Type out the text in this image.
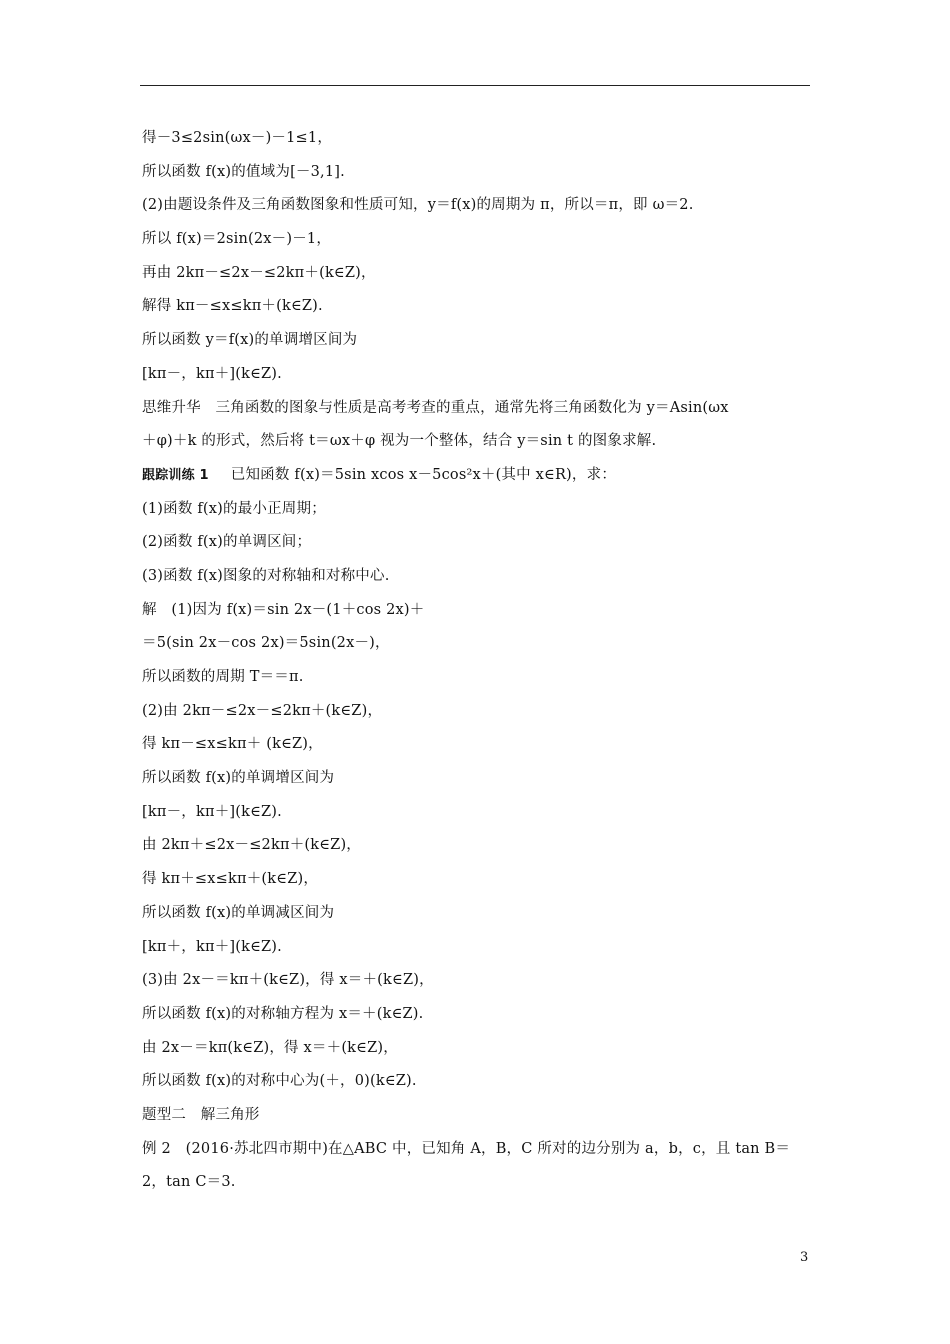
得－3≤2sin(ωx－)－1≤1，
所以函数 f(x)的值域为[－3,1].
(2)由题设条件及三角函数图象和性质可知，y＝f(x)的周期为 π，所以＝π，即 ω＝2.
所以 f(x)＝2sin(2x－)－1，
再由 2kπ－≤2x－≤2kπ＋(k∈Z)，
解得 kπ－≤x≤kπ＋(k∈Z).
所以函数 y＝f(x)的单调增区间为
[kπ－，kπ＋](k∈Z).
思维升华　三角函数的图象与性质是高考考查的重点，通常先将三角函数化为 y＝Asin(ωx
＋φ)＋k 的形式，然后将 t＝ωx＋φ 视为一个整体，结合 y＝sin t 的图象求解.
跟踪训练 1 已知函数 f(x)＝5sin xcos x－5cos²x＋(其中 x∈R)，求：
(1)函数 f(x)的最小正周期；
(2)函数 f(x)的单调区间；
(3)函数 f(x)图象的对称轴和对称中心.
解　(1)因为 f(x)＝sin 2x－(1＋cos 2x)＋
＝5(sin 2x－cos 2x)＝5sin(2x－)，
所以函数的周期 T＝＝π.
(2)由 2kπ－≤2x－≤2kπ＋(k∈Z)，
得 kπ－≤x≤kπ＋ (k∈Z)，
所以函数 f(x)的单调增区间为
[kπ－，kπ＋](k∈Z).
由 2kπ＋≤2x－≤2kπ＋(k∈Z)，
得 kπ＋≤x≤kπ＋(k∈Z)，
所以函数 f(x)的单调减区间为
[kπ＋，kπ＋](k∈Z).
(3)由 2x－＝kπ＋(k∈Z)，得 x＝＋(k∈Z)，
所以函数 f(x)的对称轴方程为 x＝＋(k∈Z).
由 2x－＝kπ(k∈Z)，得 x＝＋(k∈Z)，
所以函数 f(x)的对称中心为(＋，0)(k∈Z).
题型二　解三角形
例 2　(2016·苏北四市期中)在△ABC 中，已知角 A，B，C 所对的边分别为 a，b，c，且 tan B＝
2，tan C＝3.
3
